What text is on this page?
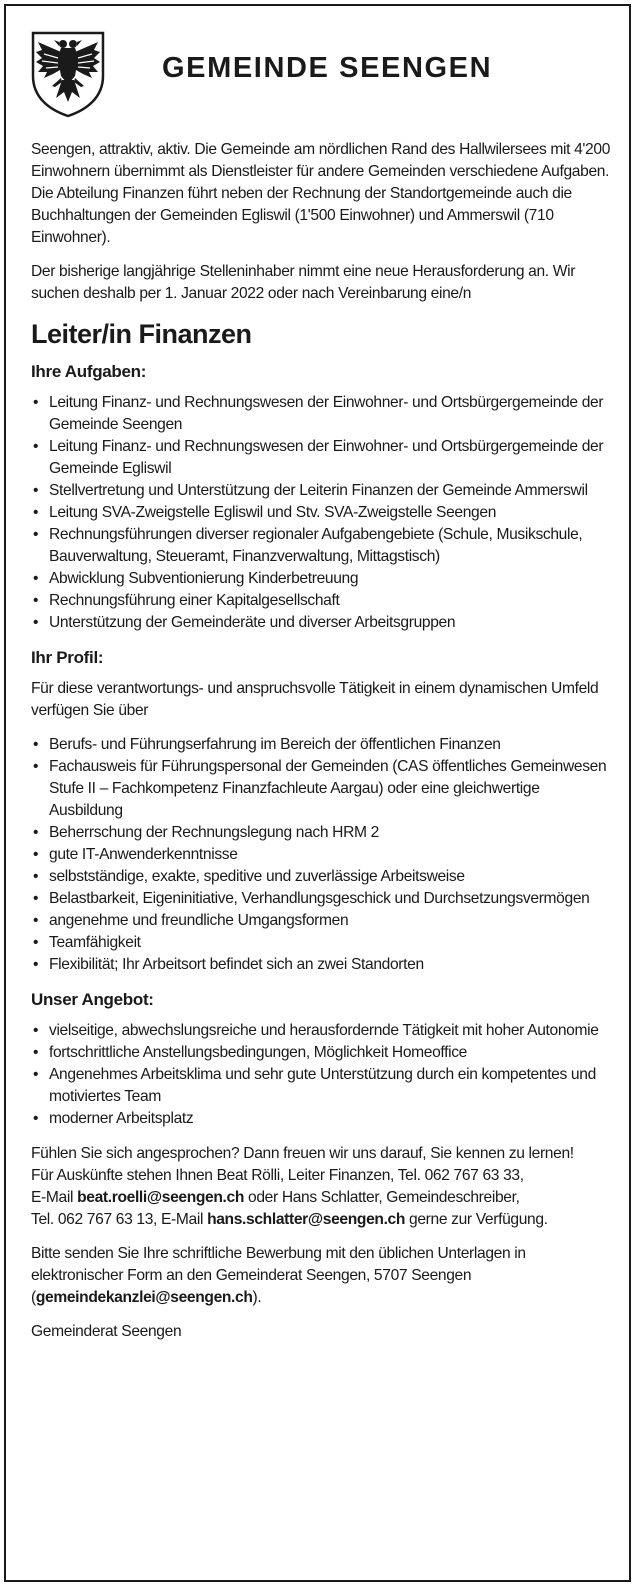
GEMEINDE SEENGEN

Seengen, attraktiv, aktiv. Die Gemeinde am nördlichen Rand des Hallwilersees mit 4'200 Einwohnern übernimmt als Dienstleister für andere Gemeinden verschiedene Aufgaben. Die Abteilung Finanzen führt neben der Rechnung der Standortgemeinde auch die Buchhaltungen der Gemeinden Egliswil (1'500 Einwohner) und Ammerswil (710 Einwohner).

Der bisherige langjährige Stelleninhaber nimmt eine neue Herausforderung an. Wir suchen deshalb per 1. Januar 2022 oder nach Vereinbarung eine/n

Leiter/in Finanzen
Ihre Aufgaben:
• Leitung Finanz- und Rechnungswesen der Einwohner- und Ortsbürgergemeinde der Gemeinde Seengen
• Leitung Finanz- und Rechnungswesen der Einwohner- und Ortsbürgergemeinde der Gemeinde Egliswil
• Stellvertretung und Unterstützung der Leiterin Finanzen der Gemeinde Ammerswil
• Leitung SVA-Zweigstelle Egliswil und Stv. SVA-Zweigstelle Seengen
• Rechnungsführungen diverser regionaler Aufgabengebiete (Schule, Musikschule, Bauverwaltung, Steueramt, Finanzverwaltung, Mittagstisch)
• Abwicklung Subventionierung Kinderbetreuung
• Rechnungsführung einer Kapitalgesellschaft
• Unterstützung der Gemeinderäte und diverser Arbeitsgruppen
Ihr Profil:

Für diese verantwortungs- und anspruchsvolle Tätigkeit in einem dynamischen Umfeld verfügen Sie über

• Berufs- und Führungserfahrung im Bereich der öffentlichen Finanzen
• Fachausweis für Führungspersonal der Gemeinden (CAS öffentliches Gemeinwesen Stufe II – Fachkompetenz Finanzfachleute Aargau) oder eine gleichwertige Ausbildung
• Beherrschung der Rechnungslegung nach HRM 2
• gute IT-Anwenderkenntnisse
• selbstständige, exakte, speditive und zuverlässige Arbeitsweise
• Belastbarkeit, Eigeninitiative, Verhandlungsgeschick und Durchsetzungsvermögen
• angenehme und freundliche Umgangsformen
• Teamfähigkeit
• Flexibilität; Ihr Arbeitsort befindet sich an zwei Standorten
Unser Angebot:
• vielseitige, abwechslungsreiche und herausfordernde Tätigkeit mit hoher Autonomie
• fortschrittliche Anstellungsbedingungen, Möglichkeit Homeoffice
• Angenehmes Arbeitsklima und sehr gute Unterstützung durch ein kompetentes und motiviertes Team
• moderner Arbeitsplatz
Fühlen Sie sich angesprochen? Dann freuen wir uns darauf, Sie kennen zu lernen!
Für Auskünfte stehen Ihnen Beat Rölli, Leiter Finanzen, Tel. 062 767 63 33,
E-Mail beat.roelli@seengen.ch oder Hans Schlatter, Gemeindeschreiber,
Tel. 062 767 63 13, E-Mail hans.schlatter@seengen.ch gerne zur Verfügung.
Bitte senden Sie Ihre schriftliche Bewerbung mit den üblichen Unterlagen in
elektronischer Form an den Gemeinderat Seengen, 5707 Seengen
(gemeindekanzlei@seengen.ch).
Gemeinderat Seengen
